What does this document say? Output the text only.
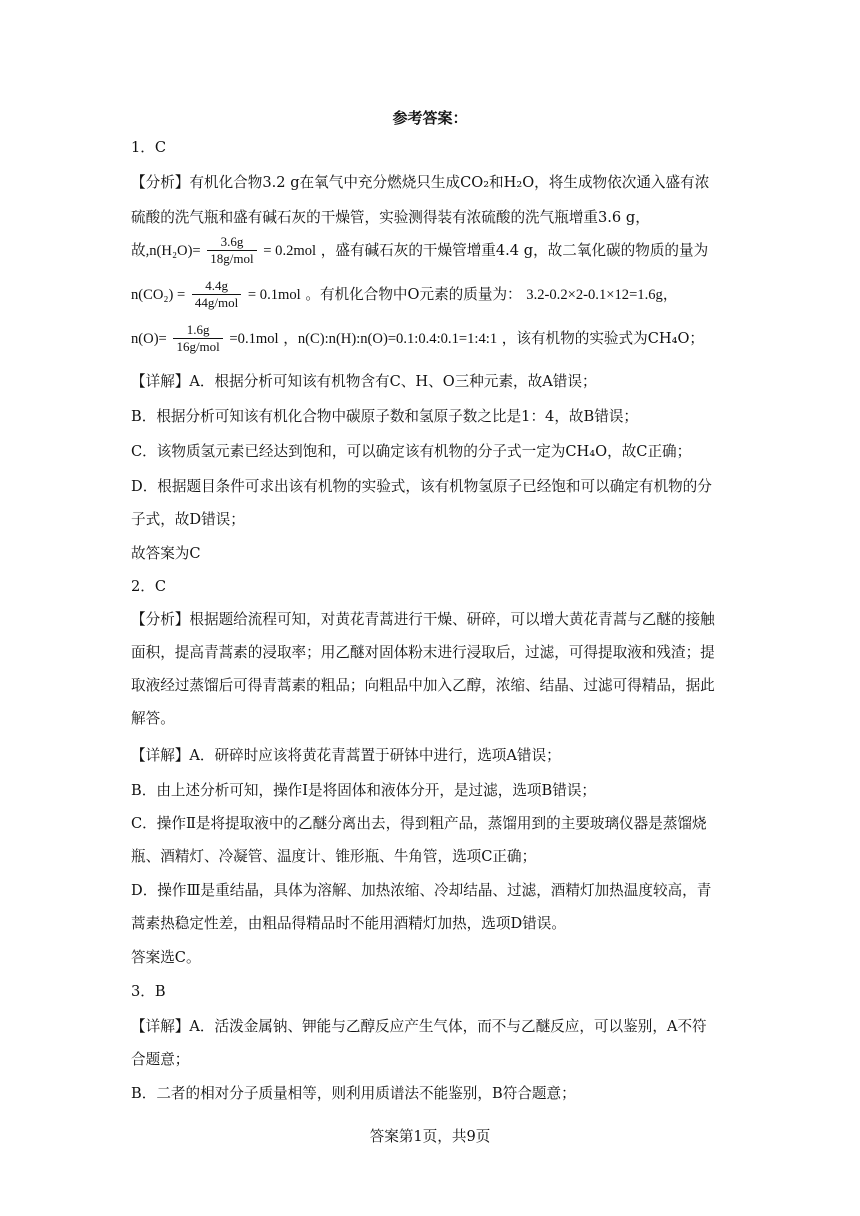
参考答案：
1．C
【分析】有机化合物3.2 g在氧气中充分燃烧只生成CO₂和H₂O，将生成物依次通入盛有浓
硫酸的洗气瓶和盛有碱石灰的干燥管，实验测得装有浓硫酸的洗气瓶增重3.6 g，
故$,n(H_2O)= \frac{3.6g}{\text{18g/mol}} = 0.2mol$ ，盛有碱石灰的干燥管增重4.4 g，故二氧化碳的物质的量为
$n(CO_2) = \frac{4.4g}{\text{44g/mol}} = 0.1mol$ 。有机化合物中O元素的质量为： 3.2-0.2×2-0.1×12=1.6g，
$n(O)= \frac{1.6g}{\text{16g/mol}} =0.1mol$ ，n(C):n(H):n(O)=0.1:0.4:0.1=1:4:1 ，该有机物的实验式为CH₄O；
【详解】A．根据分析可知该有机物含有C、H、O三种元素，故A错误；
B．根据分析可知该有机化合物中碳原子数和氢原子数之比是1：4，故B错误；
C．该物质氢元素已经达到饱和，可以确定该有机物的分子式一定为CH₄O，故C正确；
D．根据题目条件可求出该有机物的实验式，该有机物氢原子已经饱和可以确定有机物的分
子式，故D错误；
故答案为C
2．C
【分析】根据题给流程可知，对黄花青蒿进行干燥、研碎，可以增大黄花青蒿与乙醚的接触
面积，提高青蒿素的浸取率；用乙醚对固体粉末进行浸取后，过滤，可得提取液和残渣；提
取液经过蒸馏后可得青蒿素的粗品；向粗品中加入乙醇，浓缩、结晶、过滤可得精品，据此
解答。
【详解】A．研碎时应该将黄花青蒿置于研钵中进行，选项A错误；
B．由上述分析可知，操作Ⅰ是将固体和液体分开，是过滤，选项B错误；
C．操作Ⅱ是将提取液中的乙醚分离出去，得到粗产品，蒸馏用到的主要玻璃仪器是蒸馏烧
瓶、酒精灯、冷凝管、温度计、锥形瓶、牛角管，选项C正确；
D．操作Ⅲ是重结晶，具体为溶解、加热浓缩、冷却结晶、过滤，酒精灯加热温度较高，青
蒿素热稳定性差，由粗品得精品时不能用酒精灯加热，选项D错误。
答案选C。
3．B
【详解】A．活泼金属钠、钾能与乙醇反应产生气体，而不与乙醚反应，可以鉴别，A不符
合题意；
B．二者的相对分子质量相等，则利用质谱法不能鉴别，B符合题意；
答案第1页，共9页
